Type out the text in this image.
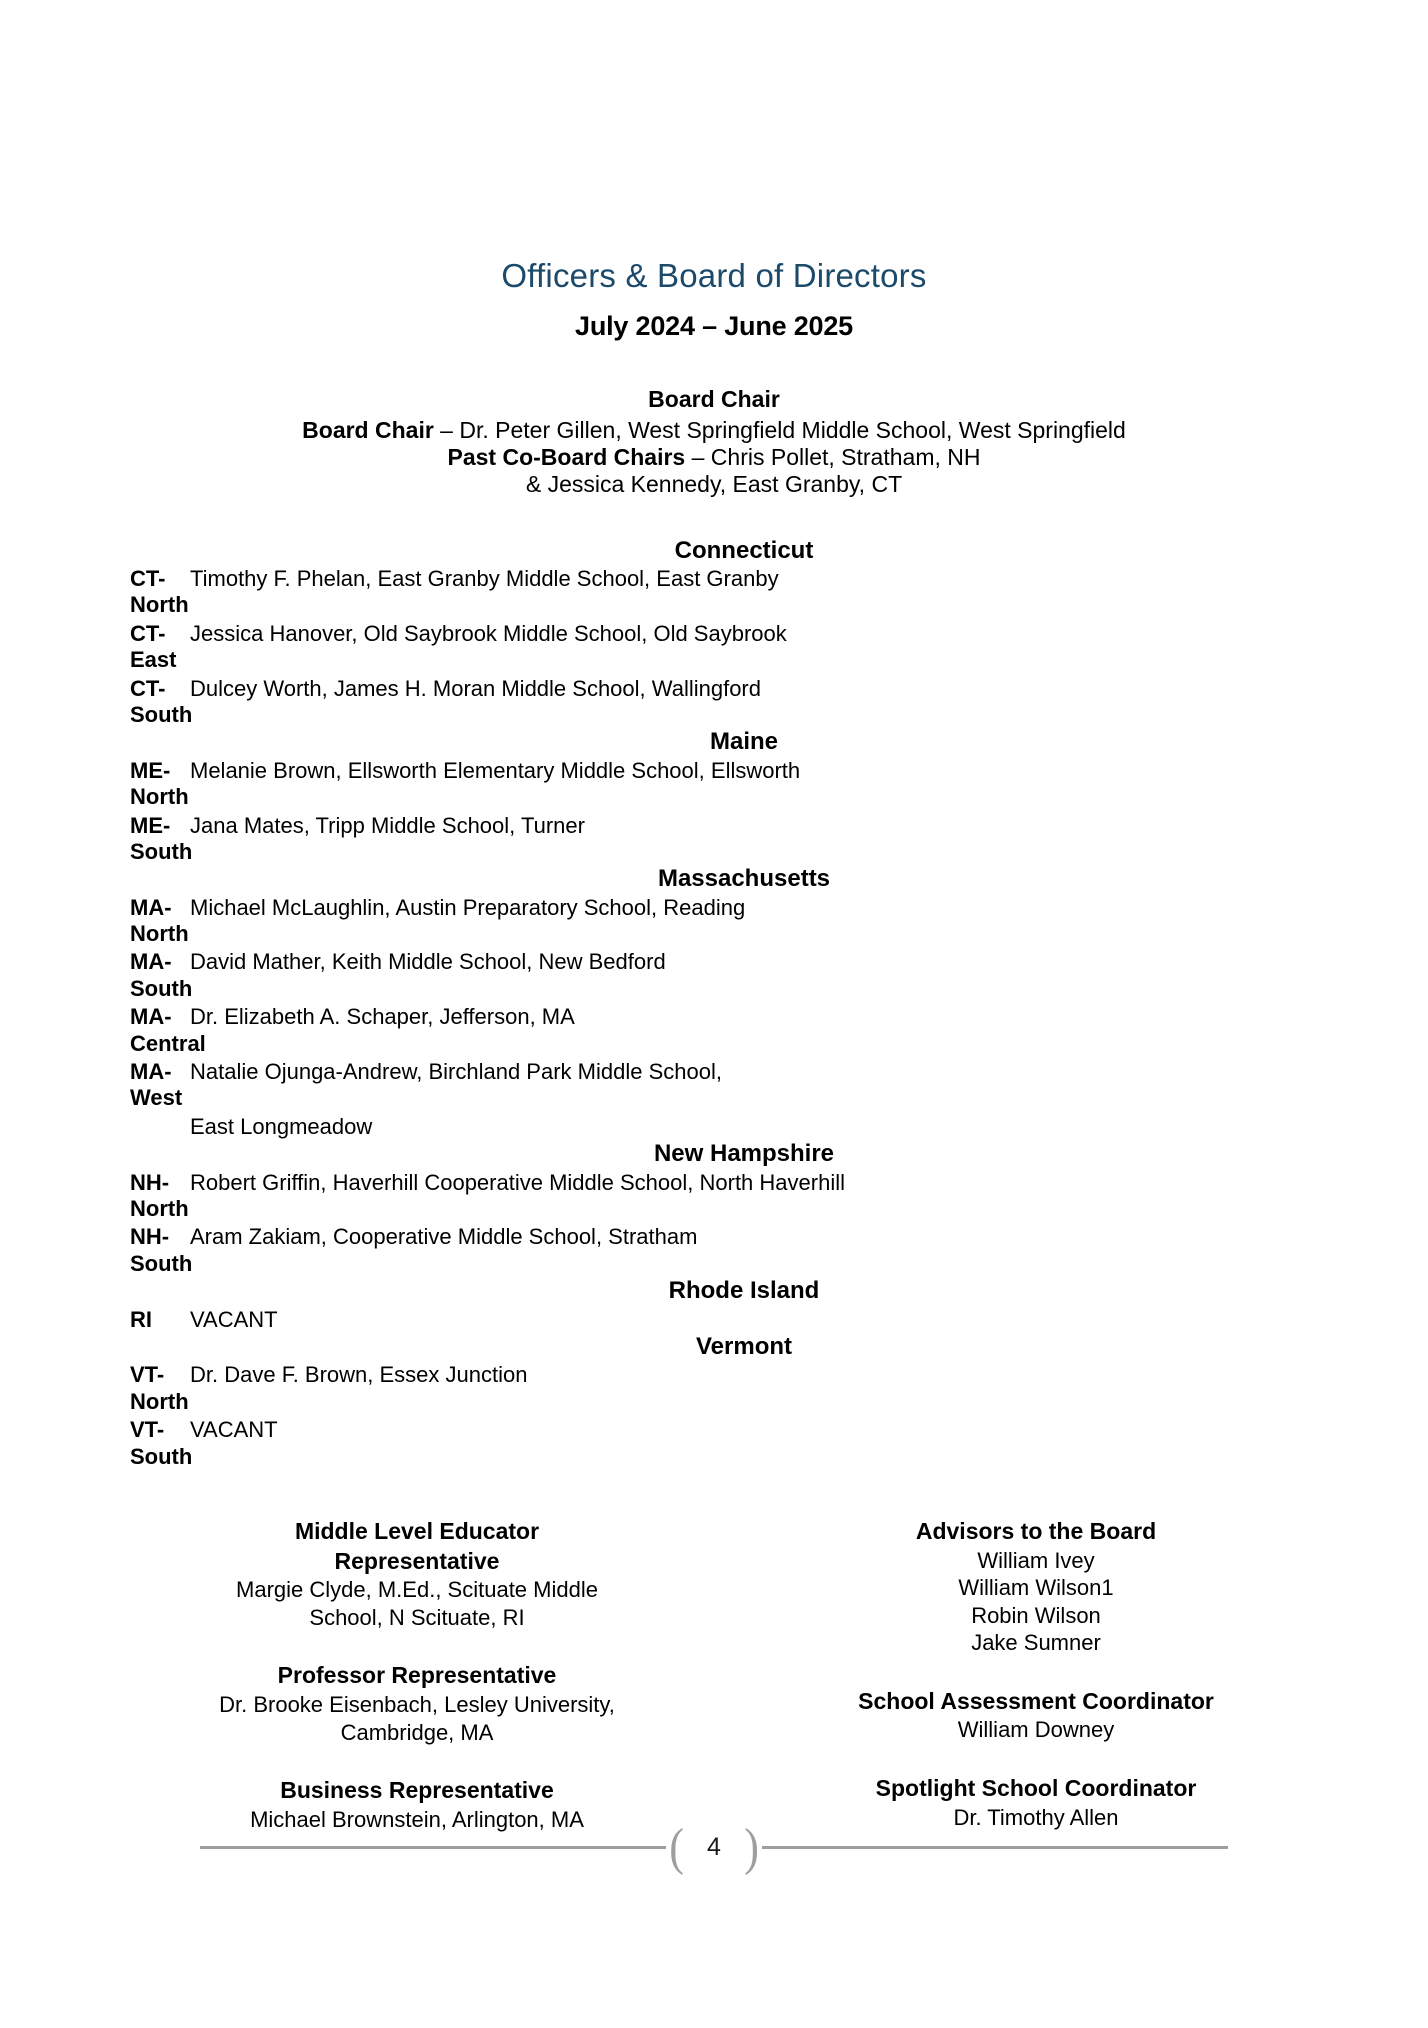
Officers & Board of Directors
July 2024 – June 2025
Board Chair
Board Chair – Dr. Peter Gillen, West Springfield Middle School, West Springfield
Past Co-Board Chairs – Chris Pollet, Stratham, NH
& Jessica Kennedy, East Granby, CT
Connecticut
CT-North
Timothy F. Phelan, East Granby Middle School, East Granby
CT-East
Jessica Hanover, Old Saybrook Middle School, Old Saybrook
CT-South
Dulcey Worth, James H. Moran Middle School, Wallingford
Maine
ME-North
Melanie Brown, Ellsworth Elementary Middle School, Ellsworth
ME-South
Jana Mates, Tripp Middle School, Turner
Massachusetts
MA-North
Michael McLaughlin, Austin Preparatory School, Reading
MA-South
David Mather, Keith Middle School, New Bedford
MA-Central
Dr. Elizabeth A. Schaper, Jefferson, MA
MA-West
Natalie Ojunga-Andrew, Birchland Park Middle School,
East Longmeadow
New Hampshire
NH-North
Robert Griffin, Haverhill Cooperative Middle School, North Haverhill
NH-South
Aram Zakiam, Cooperative Middle School, Stratham
Rhode Island
RI	VACANT
Vermont
VT-North
Dr. Dave F. Brown, Essex Junction
VT-South
VACANT
Middle Level Educator
Representative
Margie Clyde, M.Ed., Scituate Middle
School, N Scituate, RI
Professor Representative
Dr. Brooke Eisenbach, Lesley University,
Cambridge, MA
Business Representative
Michael Brownstein, Arlington, MA
Advisors to the Board
William Ivey
William Wilson1
Robin Wilson
Jake Sumner
School Assessment Coordinator
William Downey
Spotlight School Coordinator
Dr. Timothy Allen
( 4 )
